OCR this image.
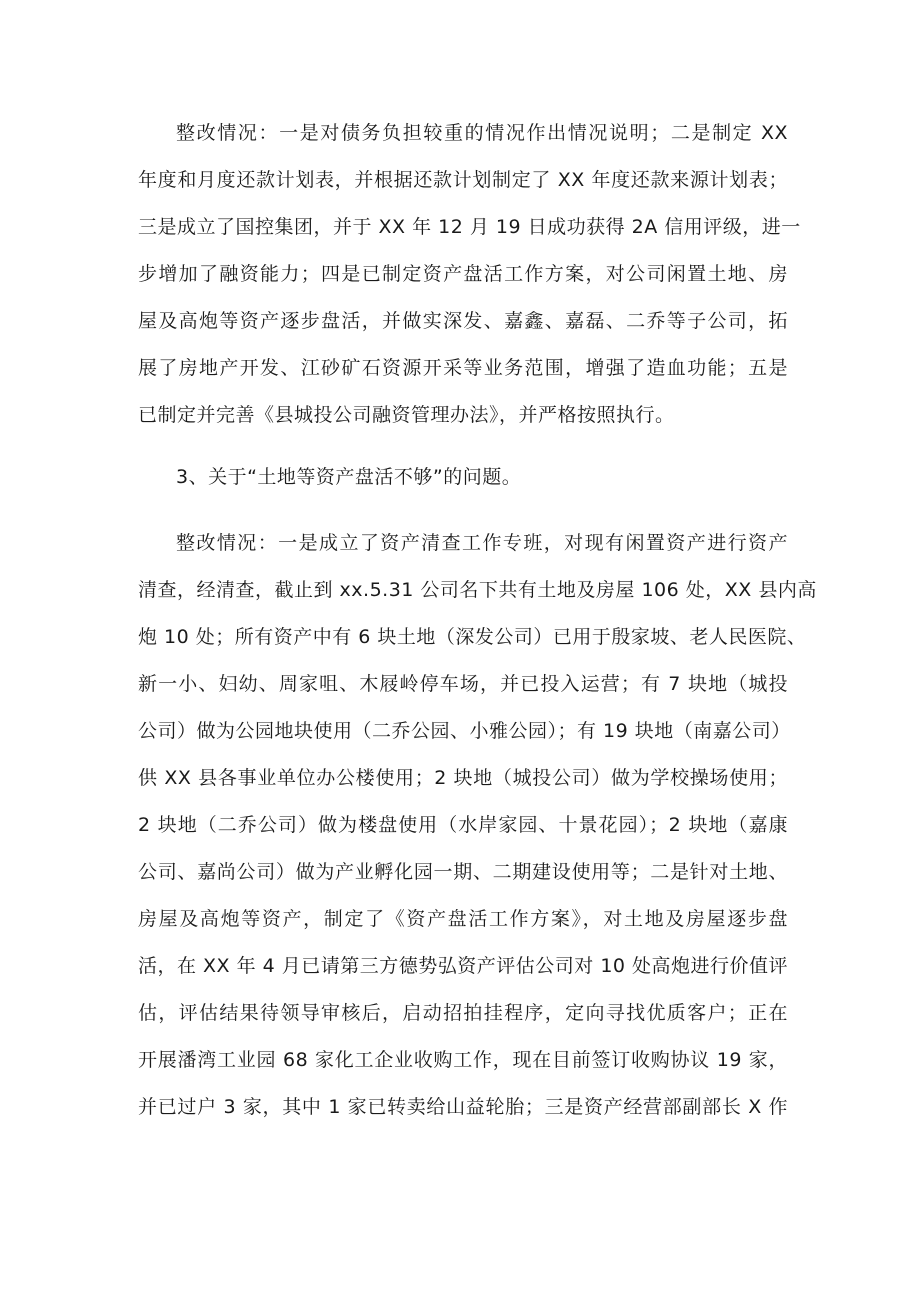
整改情况：一是对债务负担较重的情况作出情况说明；二是制定 XX
年度和月度还款计划表，并根据还款计划制定了 XX 年度还款来源计划表；
三是成立了国控集团，并于 XX 年 12 月 19 日成功获得 2A 信用评级，进一
步增加了融资能力；四是已制定资产盘活工作方案，对公司闲置土地、房
屋及高炮等资产逐步盘活，并做实深发、嘉鑫、嘉磊、二乔等子公司，拓
展了房地产开发、江砂矿石资源开采等业务范围，增强了造血功能；五是
已制定并完善《县城投公司融资管理办法》，并严格按照执行。
3、关于“土地等资产盘活不够”的问题。
整改情况：一是成立了资产清查工作专班，对现有闲置资产进行资产
清查，经清查，截止到 xx.5.31 公司名下共有土地及房屋 106 处，XX 县内高
炮 10 处；所有资产中有 6 块土地（深发公司）已用于殷家坡、老人民医院、
新一小、妇幼、周家咀、木屐岭停车场，并已投入运营；有 7 块地（城投
公司）做为公园地块使用（二乔公园、小雅公园）；有 19 块地（南嘉公司）
供 XX 县各事业单位办公楼使用；2 块地（城投公司）做为学校操场使用；
2 块地（二乔公司）做为楼盘使用（水岸家园、十景花园）；2 块地（嘉康
公司、嘉尚公司）做为产业孵化园一期、二期建设使用等；二是针对土地、
房屋及高炮等资产，制定了《资产盘活工作方案》，对土地及房屋逐步盘
活，在 XX 年 4 月已请第三方德势弘资产评估公司对 10 处高炮进行价值评
估，评估结果待领导审核后，启动招拍挂程序，定向寻找优质客户；正在
开展潘湾工业园 68 家化工企业收购工作，现在目前签订收购协议 19 家，
并已过户 3 家，其中 1 家已转卖给山益轮胎；三是资产经营部副部长 X 作
